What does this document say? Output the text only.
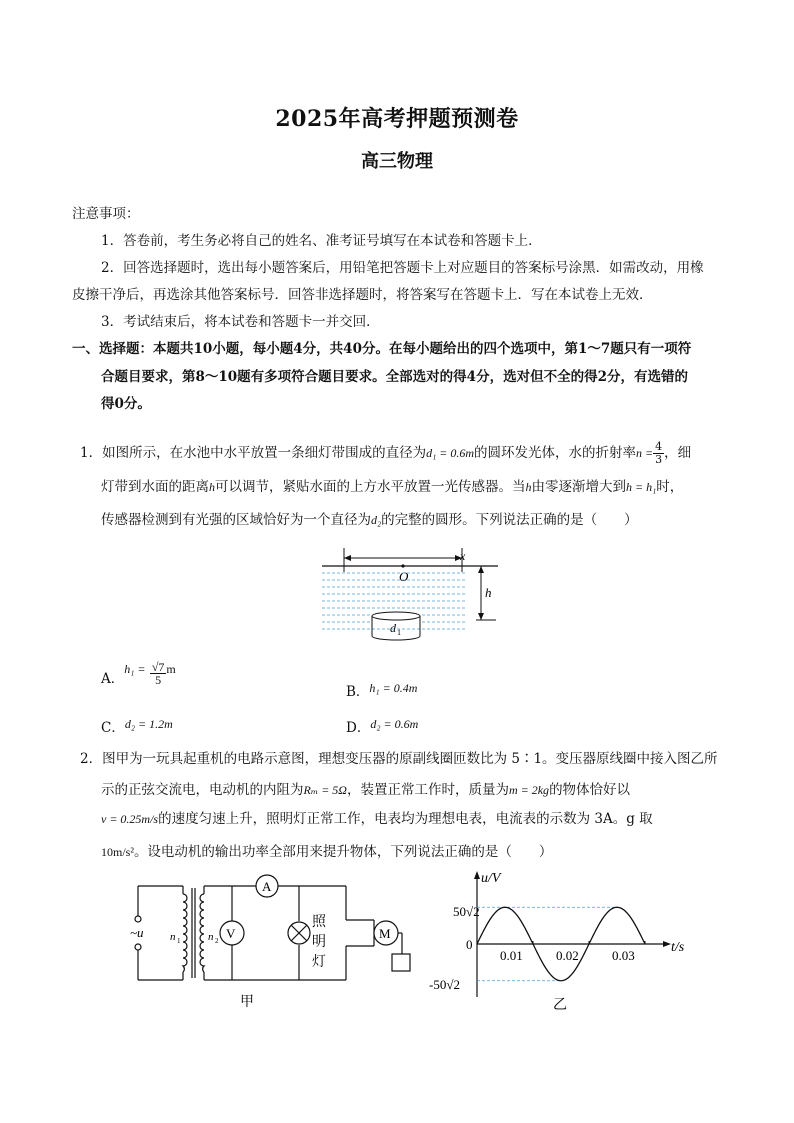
2025年高考押题预测卷
高三物理
注意事项：
1．答卷前，考生务必将自己的姓名、准考证号填写在本试卷和答题卡上．
2．回答选择题时，选出每小题答案后，用铅笔把答题卡上对应题目的答案标号涂黑．如需改动，用橡
皮擦干净后，再选涂其他答案标号．回答非选择题时，将答案写在答题卡上．写在本试卷上无效．
3．考试结束后，将本试卷和答题卡一并交回．
一、选择题：本题共10小题，每小题4分，共40分。在每小题给出的四个选项中，第1～7题只有一项符
合题目要求，第8～10题有多项符合题目要求。全部选对的得4分，选对但不全的得2分，有选错的
得0分。
1．如图所示，在水池中水平放置一条细灯带围成的直径为d₁ = 0.6m的圆环发光体，水的折射率$n = \frac{4}{3}$ ，细
灯带到水面的距离h可以调节，紧贴水面的上方水平放置一光传感器。当h由零逐渐增大到h = h₁时，
传感器检测到有光强的区域恰好为一个直径为d₂的完整的圆形。下列说法正确的是（　　）
x
O
h
d 1
A．$h_1 = \frac{√7}{5}$ m
B．h₁ = 0.4m
C．d₂ = 1.2m	D．d₂ = 0.6m
2．图甲为一玩具起重机的电路示意图，理想变压器的原副线圈匝数比为 5∶1。变压器原线圈中接入图乙所
示的正弦交流电，电动机的内阻为Rₘ = 5Ω，装置正常工作时，质量为m = 2kg的物体恰好以
v = 0.25m/s的速度匀速上升，照明灯正常工作，电表均为理想电表，电流表的示数为 3A。g 取
10m/s²。设电动机的输出功率全部用来提升物体，下列说法正确的是（　　）
~u n 1	n 2 V
A
M
照
明
灯
甲
u/V
t/s
50√2
0
-50√2
0.01	0.02	0.03
乙
